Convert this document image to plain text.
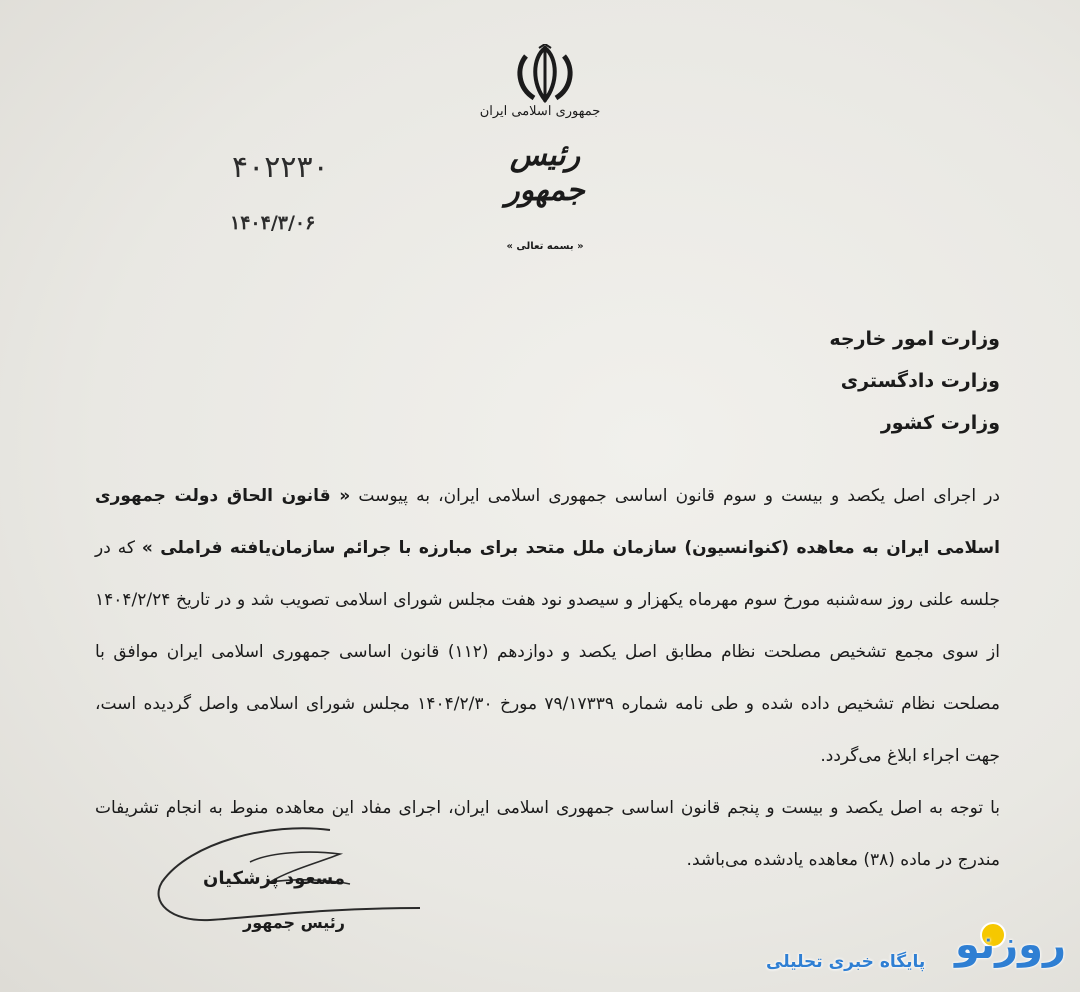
جمهوری اسلامی ایران
رئیس جمهور
۴۰۲۲۳۰
۱۴۰۴/۳/۰۶
« بسمه تعالی »
وزارت امور خارجه
وزارت دادگستری
وزارت کشور

در اجرای اصل یکصد و بیست و سوم قانون اساسی جمهوری اسلامی ایران، به پیوست « قانون الحاق دولت جمهوری اسلامی ایران به معاهده (کنوانسیون) سازمان ملل متحد برای مبارزه با جرائم سازمان‌یافته فراملی » که در جلسه علنی روز سه‌شنبه مورخ سوم مهرماه یکهزار و سیصدو نود هفت مجلس شورای اسلامی تصویب شد و در تاریخ ۱۴۰۴/۲/۲۴ از سوی مجمع تشخیص مصلحت نظام مطابق اصل یکصد و دوازدهم (۱۱۲) قانون اساسی جمهوری اسلامی ایران موافق با مصلحت نظام تشخیص داده شده و طی نامه شماره ۷۹/۱۷۳۳۹ مورخ ۱۴۰۴/۲/۳۰ مجلس شورای اسلامی واصل گردیده است، جهت اجراء ابلاغ می‌گردد.

با توجه به اصل یکصد و بیست و پنجم قانون اساسی جمهوری اسلامی ایران، اجرای مفاد این معاهده منوط به انجام تشریفات مندرج در ماده (۳۸) معاهده یادشده می‌باشد.

مسعود پزشکیان
رئیس جمهور	روزنو
پایگاه خبری تحلیلی
